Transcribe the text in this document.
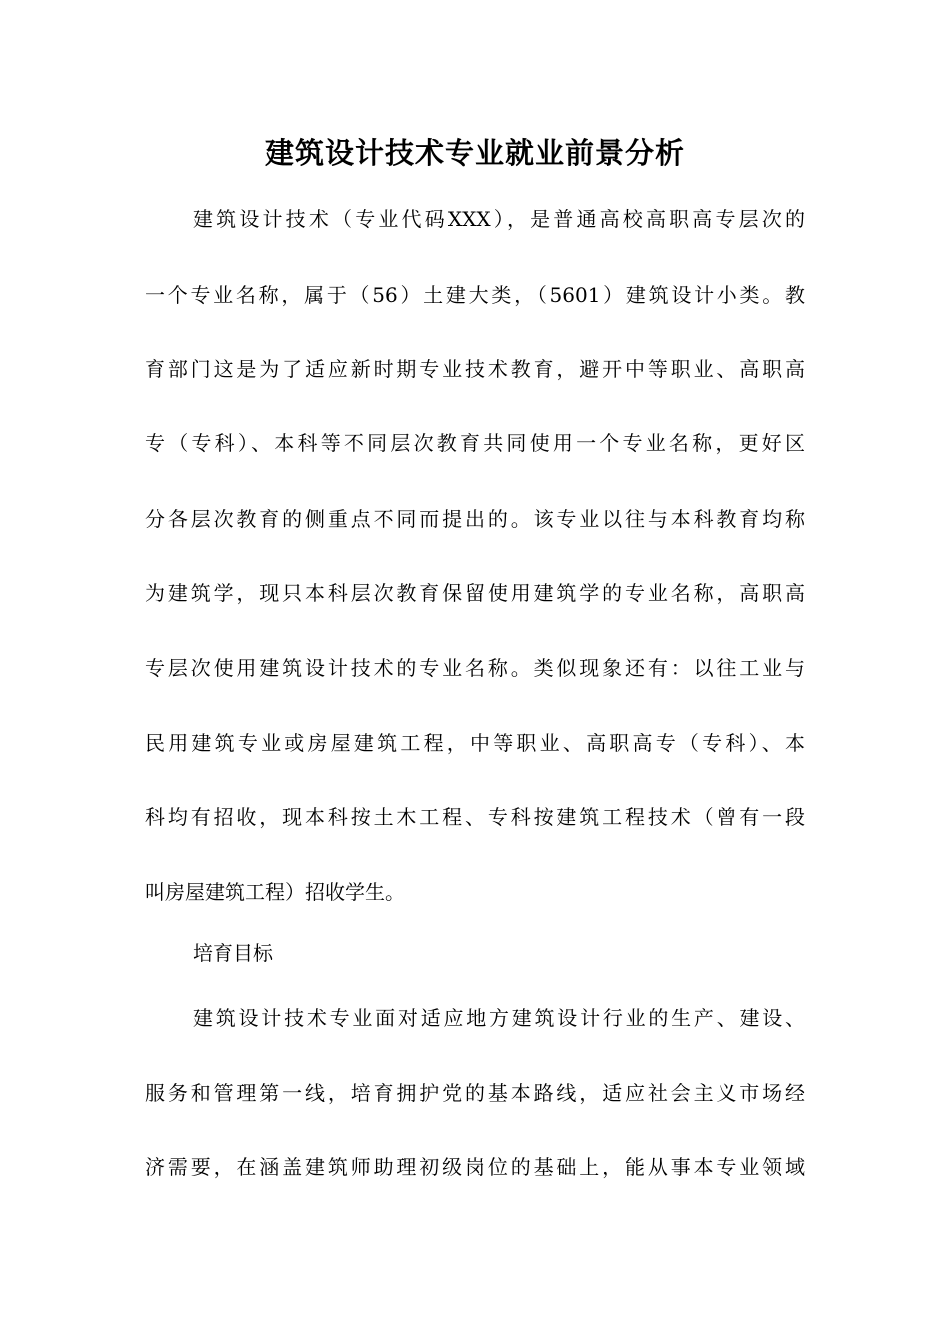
建筑设计技术专业就业前景分析

建筑设计技术（专业代码XXX），是普通高校高职高专层次的

一个专业名称，属于（56）土建大类，（5601）建筑设计小类。教

育部门这是为了适应新时期专业技术教育，避开中等职业、高职高

专（专科）、本科等不同层次教育共同使用一个专业名称，更好区

分各层次教育的侧重点不同而提出的。该专业以往与本科教育均称

为建筑学，现只本科层次教育保留使用建筑学的专业名称，高职高

专层次使用建筑设计技术的专业名称。类似现象还有：以往工业与

民用建筑专业或房屋建筑工程，中等职业、高职高专（专科）、本

科均有招收，现本科按土木工程、专科按建筑工程技术（曾有一段

叫房屋建筑工程）招收学生。

培育目标

建筑设计技术专业面对适应地方建筑设计行业的生产、建设、

服务和管理第一线，培育拥护党的基本路线，适应社会主义市场经

济需要，在涵盖建筑师助理初级岗位的基础上，能从事本专业领域
